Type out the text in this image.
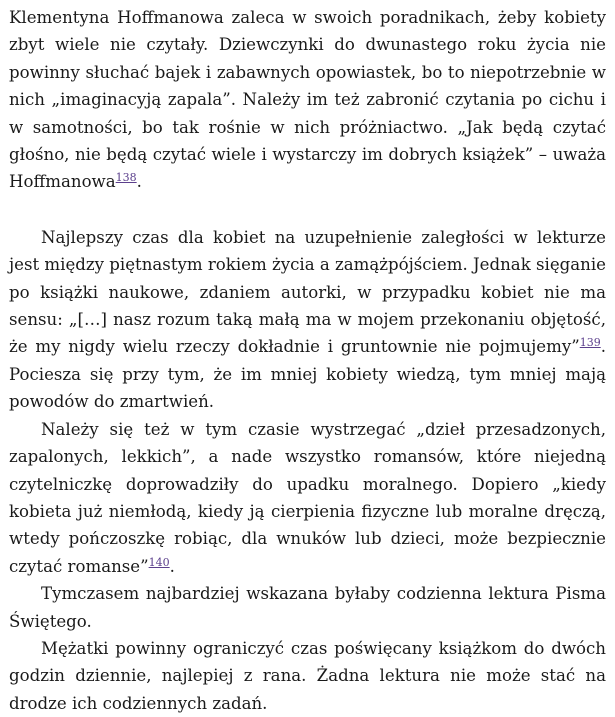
Klementyna Hoffmanowa zaleca w swoich poradnikach, żeby kobiety zbyt wiele nie czytały. Dziewczynki do dwunastego roku życia nie powinny słuchać bajek i zabawnych opowiastek, bo to niepotrzebnie w nich „imaginacyją zapala”. Należy im też zabronić czytania po cichu i w samotności, bo tak rośnie w nich próżniactwo. „Jak będą czytać głośno, nie będą czytać wiele i wystarczy im dobrych książek” – uważa Hoffmanowa$^{138}$.

Najlepszy czas dla kobiet na uzupełnienie zaległości w lekturze jest między piętnastym rokiem życia a zamążpójściem. Jednak sięganie po książki naukowe, zdaniem autorki, w przypadku kobiet nie ma sensu: „[…] nasz rozum taką małą ma w mojem przekonaniu objętość, że my nigdy wielu rzeczy dokładnie i gruntownie nie pojmujemy”$^{139}$. Pociesza się przy tym, że im mniej kobiety wiedzą, tym mniej mają powodów do zmartwień.

Należy się też w tym czasie wystrzegać „dzieł przesadzonych, zapalonych, lekkich”, a nade wszystko romansów, które niejedną czytelniczkę doprowadziły do upadku moralnego. Dopiero „kiedy kobieta już niemłodą, kiedy ją cierpienia fizyczne lub moralne dręczą, wtedy pończoszkę robiąc, dla wnuków lub dzieci, może bezpiecznie czytać romanse”$^{140}$.

Tymczasem najbardziej wskazana byłaby codzienna lektura Pisma Świętego.

Mężatki powinny ograniczyć czas poświęcany książkom do dwóch godzin dziennie, najlepiej z rana. Żadna lektura nie może stać na drodze ich codziennych zadań.
